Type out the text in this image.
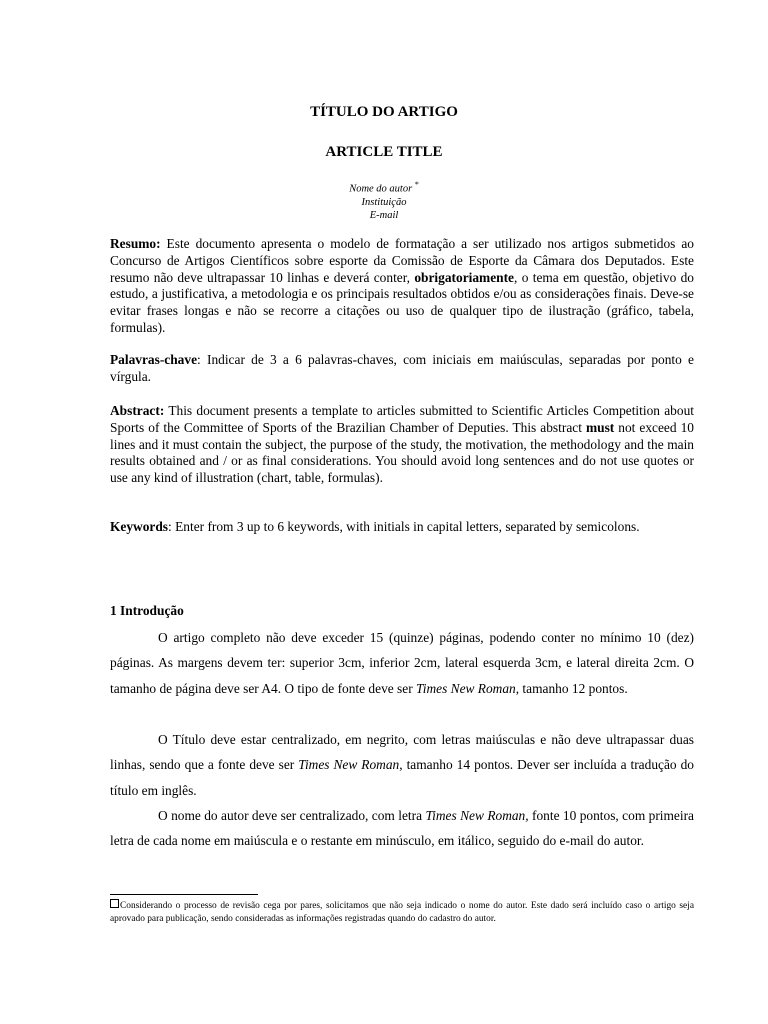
TÍTULO DO ARTIGO
ARTICLE TITLE
Nome do autor *
Instituição
E-mail
Resumo: Este documento apresenta o modelo de formatação a ser utilizado nos artigos submetidos ao Concurso de Artigos Científicos sobre esporte da Comissão de Esporte da Câmara dos Deputados. Este resumo não deve ultrapassar 10 linhas e deverá conter, obrigatoriamente, o tema em questão, objetivo do estudo, a justificativa, a metodologia e os principais resultados obtidos e/ou as considerações finais. Deve-se evitar frases longas e não se recorre a citações ou uso de qualquer tipo de ilustração (gráfico, tabela, formulas).
Palavras-chave: Indicar de 3 a 6 palavras-chaves, com iniciais em maiúsculas, separadas por ponto e vírgula.
Abstract: This document presents a template to articles submitted to Scientific Articles Competition about Sports of the Committee of Sports of the Brazilian Chamber of Deputies. This abstract must not exceed 10 lines and it must contain the subject, the purpose of the study, the motivation, the methodology and the main results obtained and / or as final considerations. You should avoid long sentences and do not use quotes or use any kind of illustration (chart, table, formulas).
Keywords: Enter from 3 up to 6 keywords, with initials in capital letters, separated by semicolons.
1 Introdução
O artigo completo não deve exceder 15 (quinze) páginas, podendo conter no mínimo 10 (dez) páginas. As margens devem ter: superior 3cm, inferior 2cm, lateral esquerda 3cm, e lateral direita 2cm. O tamanho de página deve ser A4. O tipo de fonte deve ser Times New Roman, tamanho 12 pontos.
O Título deve estar centralizado, em negrito, com letras maiúsculas e não deve ultrapassar duas linhas, sendo que a fonte deve ser Times New Roman, tamanho 14 pontos. Dever ser incluída a tradução do título em inglês.
O nome do autor deve ser centralizado, com letra Times New Roman, fonte 10 pontos, com primeira letra de cada nome em maiúscula e o restante em minúsculo, em itálico, seguido do e-mail do autor.
Considerando o processo de revisão cega por pares, solicitamos que não seja indicado o nome do autor. Este dado será incluído caso o artigo seja aprovado para publicação, sendo consideradas as informações registradas quando do cadastro do autor.
